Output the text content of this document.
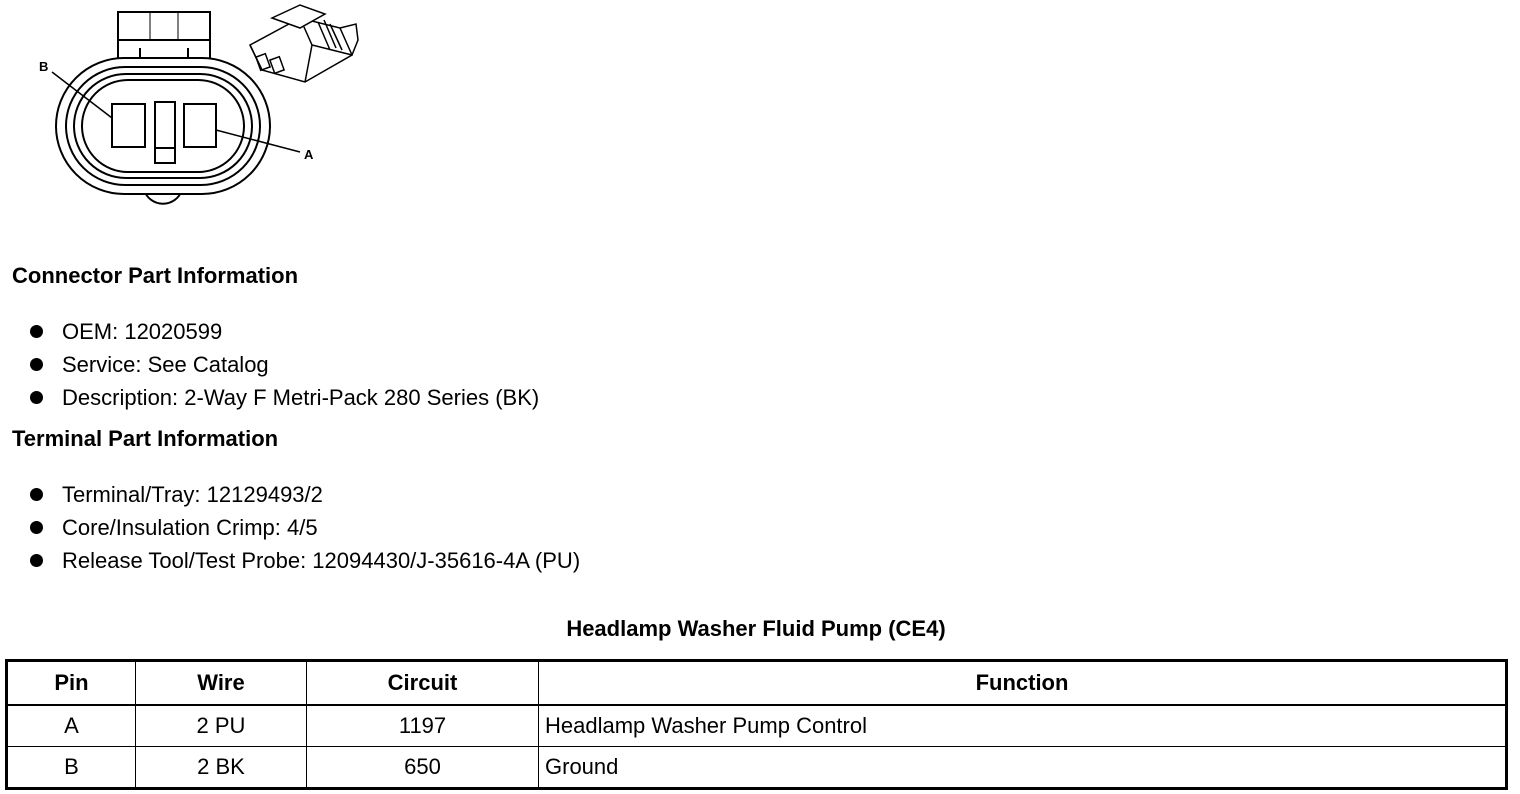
B
A
Connector Part Information
OEM: 12020599
Service: See Catalog
Description: 2-Way F Metri-Pack 280 Series (BK)
Terminal Part Information
Terminal/Tray: 12129493/2
Core/Insulation Crimp: 4/5
Release Tool/Test Probe: 12094430/J-35616-4A (PU)
Headlamp Washer Fluid Pump (CE4)
Pin	Wire	Circuit	Function
A	2 PU	1197	Headlamp Washer Pump Control
B	2 BK	650	Ground
